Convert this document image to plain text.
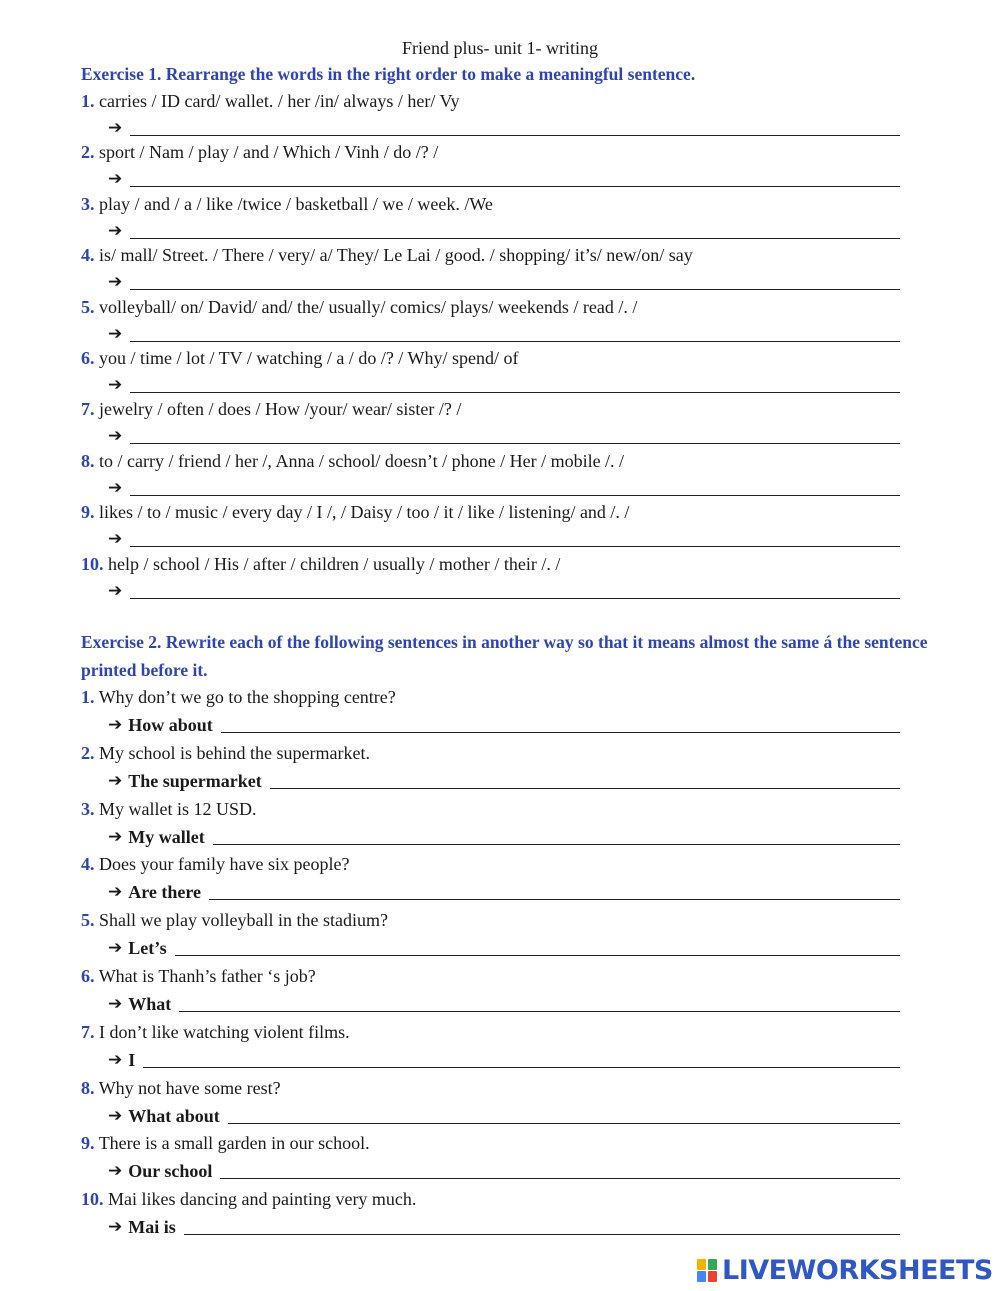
Friend plus- unit 1- writing
Exercise 1. Rearrange the words in the right order to make a meaningful sentence.
1. carries / ID card/ wallet. / her /in/ always / her/ Vy
➔
2. sport / Nam / play / and / Which / Vinh / do /? /
➔
3. play / and / a / like /twice / basketball / we / week. /We
➔
4. is/ mall/ Street. / There / very/ a/ They/ Le Lai / good. / shopping/ it’s/ new/on/ say
➔
5. volleyball/ on/ David/ and/ the/ usually/ comics/ plays/ weekends / read /. /
➔
6. you / time / lot / TV / watching / a / do /? / Why/ spend/ of
➔
7. jewelry / often / does / How /your/ wear/ sister /? /
➔
8. to / carry / friend / her /, Anna / school/ doesn’t / phone / Her / mobile /. /
➔
9. likes / to / music / every day / I /, / Daisy / too / it / like / listening/ and /. /
➔
10. help / school / His / after / children / usually / mother / their /. /
➔
Exercise 2. Rewrite each of the following sentences in another way so that it means almost the same á the sentence printed before it.
1. Why don’t we go to the shopping centre?
➔ How about
2. My school is behind the supermarket.
➔ The supermarket
3. My wallet is 12 USD.
➔ My wallet
4. Does your family have six people?
➔ Are there
5. Shall we play volleyball in the stadium?
➔ Let’s
6. What is Thanh’s father ‘s job?
➔ What
7. I don’t like watching violent films.
➔ I
8. Why not have some rest?
➔ What about
9. There is a small garden in our school.
➔ Our school
10. Mai likes dancing and painting very much.
➔ Mai is
LIVEWORKSHEETS
